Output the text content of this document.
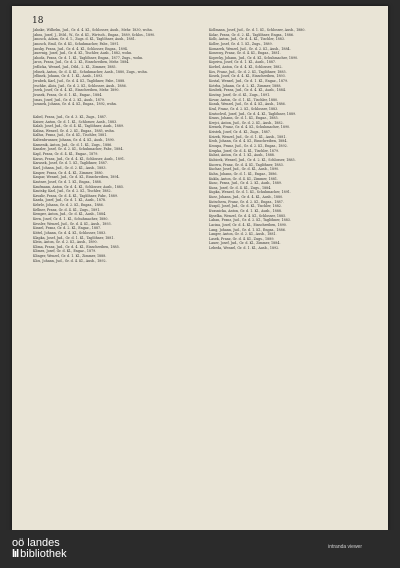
18
Jahnke, Wilhelm, Jud., Gr. d. 4. Kl., Schlosser, Ausb., Mehr. 1830, wohn.
Jahns, Josef, J., Dtld., W., Gr. d. Kl., Wirtsch., Engaz., 1889, Schlos., 1890.
Janosch, Adam, Gr. d. 1., Zugs. d. Kl., Taglöhner, Ausb., 1881.
Janosch, Emil, Gr. d. Kl., Schuhmacher, Fabr., 1891.
Jansky, Franz, Jud., Gr. d. 4. Kl., Schlosser, Engaz., 1894.
Jauernig, Josef, Jud., Gr. d. Kl., Tischler, Ausb., 1882, wohn.
Jahoda, Franz, Gr. d. 1. Kl., Taglöhner, Engaz., 1877, Zugs., wohn.
Jaros, Franz, Jud., Gr. d. 2. Kl., Einschreiben, Mehr. 1884.
Jedlicka, Wenzel, Jud., Dtld., 2. Kl., Zimmer, 1885.
Jelinek, Anton, Gr. d. 4. Kl., Schuhmacher, Ausb., 1880, Zugs., wohn.
Jellinek, Johann, Gr. d. 1. Kl., Ausb., 1893.
Jerabek, Karl, Jud., Gr. d. 4. Kl., Taglöhner, Fabr., 1888.
Jeschke, Alois, Jud., Gr. d. 2. Kl., Schlosser, Ausb., 1886.
Jezek, Josef, Gr. d. 4. Kl., Einschreiben, Mehr. 1890.
Jirasek, Franz, Gr. d. 1. Kl., Engaz., 1884.
Jonas, Josef, Jud., Gr. d. 2. Kl., Ausb., 1879.
Juranek, Johann, Gr. d. 4. Kl., Engaz., 1892, wohn.
Kabel, Franz, Jud., Gr. d. 3. Kl., Zugs., 1887.
Kaiser, Anton, Gr. d. 1. Kl., Schlosser, Ausb., 1883.
Kalab, Josef, Jud., Gr. d. 4. Kl., Taglöhner, Ausb., 1889.
Kalina, Wenzel, Gr. d. 2. Kl., Engaz., 1885, wohn.
Kallus, Franz, Jud., Gr. d. Kl., Tischler, 1881.
Kaltenbrunner, Johann, Gr. d. 4. Kl., Ausb., 1890.
Kamenik, Anton, Jud., Gr. d. 1. Kl., Zugs., 1886.
Kanzler, Josef, Gr. d. 2. Kl., Schuhmacher, Fabr., 1884.
Kapl, Franz, Gr. d. 4. Kl., Engaz., 1879.
Karas, Franz, Jud., Gr. d. 4. Kl., Schlosser, Ausb., 1891.
Karasek, Josef, Gr. d. 1. Kl., Taglöhner, 1887.
Karl, Johann, Jud., Gr. d. 2. Kl., Ausb., 1883.
Kasper, Franz, Gr. d. 4. Kl., Zimmer, 1880.
Kaspar, Wenzel, Jud., Gr. d. Kl., Einschreiben, 1894.
Kastner, Josef, Gr. d. 1. Kl., Engaz., 1888.
Kaufmann, Anton, Gr. d. 4. Kl., Schlosser, Ausb., 1885.
Kautsky, Karl, Jud., Gr. d. 2. Kl., Tischler, 1882.
Kavalir, Franz, Gr. d. 4. Kl., Taglöhner, Fabr., 1889.
Kazda, Josef, Jud., Gr. d. 1. Kl., Ausb., 1878.
Kebrle, Johann, Gr. d. 2. Kl., Engaz., 1886.
Kellner, Franz, Gr. d. 4. Kl., Zugs., 1891.
Kemper, Anton, Jud., Gr. d. Kl., Ausb., 1884.
Kern, Josef, Gr. d. 1. Kl., Schuhmacher, 1880.
Kessler, Wenzel, Jud., Gr. d. 4. Kl., Ausb., 1893.
Kinzel, Franz, Gr. d. 2. Kl., Engaz., 1887.
Kittel, Johann, Gr. d. 4. Kl., Schlosser, 1883.
Klapka, Josef, Jud., Gr. d. 1. Kl., Taglöhner, 1881.
Klein, Anton, Gr. d. 2. Kl., Ausb., 1890.
Klima, Franz, Jud., Gr. d. 4. Kl., Einschreiben, 1885.
Klimes, Josef, Gr. d. Kl., Engaz., 1879.
Klinger, Wenzel, Gr. d. 1. Kl., Zimmer, 1888.
Klos, Johann, Jud., Gr. d. 4. Kl., Ausb., 1892.
Kollmann, Josef, Jud., Gr. d. 1. Kl., Schlosser, Ausb., 1880.
Kolar, Franz, Gr. d. 2. Kl., Taglöhner, Engaz., 1886.
Kolb, Anton, Jud., Gr. d. 4. Kl., Tischler, 1883.
Koller, Josef, Gr. d. 1. Kl., Zugs., 1889.
Komarek, Wenzel, Jud., Gr. d. 2. Kl., Ausb., 1884.
Konecny, Franz, Gr. d. 4. Kl., Engaz., 1881.
Kopecky, Johann, Jud., Gr. d. Kl., Schuhmacher, 1890.
Kopriva, Josef, Gr. d. 1. Kl., Ausb., 1887.
Korbel, Anton, Gr. d. 4. Kl., Schlosser, 1882.
Kos, Franz, Jud., Gr. d. 2. Kl., Taglöhner, 1885.
Kosek, Josef, Gr. d. 4. Kl., Einschreiben, 1893.
Kostal, Wenzel, Jud., Gr. d. 1. Kl., Engaz., 1879.
Kotrba, Johann, Gr. d. 2. Kl., Zimmer, 1888.
Koubek, Franz, Jud., Gr. d. 4. Kl., Ausb., 1884.
Koutny, Josef, Gr. d. Kl., Zugs., 1891.
Kovar, Anton, Gr. d. 1. Kl., Tischler, 1880.
Kozak, Wenzel, Jud., Gr. d. 4. Kl., Ausb., 1886.
Kral, Franz, Gr. d. 2. Kl., Schlosser, 1883.
Kratochvil, Josef, Jud., Gr. d. 4. Kl., Taglöhner, 1889.
Kraus, Johann, Gr. d. 1. Kl., Engaz., 1885.
Krejci, Anton, Jud., Gr. d. 2. Kl., Ausb., 1882.
Krenek, Franz, Gr. d. 4. Kl., Schuhmacher, 1890.
Kristek, Josef, Gr. d. Kl., Zugs., 1887.
Krizek, Wenzel, Jud., Gr. d. 1. Kl., Ausb., 1881.
Krob, Johann, Gr. d. 4. Kl., Einschreiben, 1884.
Kroupa, Franz, Jud., Gr. d. 2. Kl., Engaz., 1892.
Krupka, Josef, Gr. d. 4. Kl., Tischler, 1879.
Kubat, Anton, Gr. d. 1. Kl., Ausb., 1888.
Kubicek, Wenzel, Jud., Gr. d. 2. Kl., Schlosser, 1885.
Kucera, Franz, Gr. d. 4. Kl., Taglöhner, 1883.
Kuchar, Josef, Jud., Gr. d. Kl., Ausb., 1890.
Kuhn, Johann, Gr. d. 1. Kl., Engaz., 1886.
Kukla, Anton, Gr. d. 4. Kl., Zimmer, 1881.
Kunc, Franz, Jud., Gr. d. 2. Kl., Ausb., 1889.
Kunz, Josef, Gr. d. 4. Kl., Zugs., 1884.
Kupka, Wenzel, Gr. d. 1. Kl., Schuhmacher, 1891.
Kurz, Johann, Jud., Gr. d. 4. Kl., Ausb., 1880.
Kutschera, Franz, Gr. d. 2. Kl., Engaz., 1887.
Kvapil, Josef, Jud., Gr. d. Kl., Tischler, 1882.
Kvasnicka, Anton, Gr. d. 1. Kl., Ausb., 1888.
Kyselka, Wenzel, Gr. d. 4. Kl., Schlosser, 1885.
Laban, Franz, Jud., Gr. d. 2. Kl., Taglöhner, 1883.
Lacina, Josef, Gr. d. 4. Kl., Einschreiben, 1890.
Lang, Johann, Jud., Gr. d. 1. Kl., Engaz., 1886.
Langer, Anton, Gr. d. 2. Kl., Ausb., 1881.
Lasek, Franz, Gr. d. 4. Kl., Zugs., 1889.
Lauer, Josef, Jud., Gr. d. Kl., Zimmer, 1884.
Lebeda, Wenzel, Gr. d. 1. Kl., Ausb., 1892.
oö landes
lıl bibliothek
intranda viewer
